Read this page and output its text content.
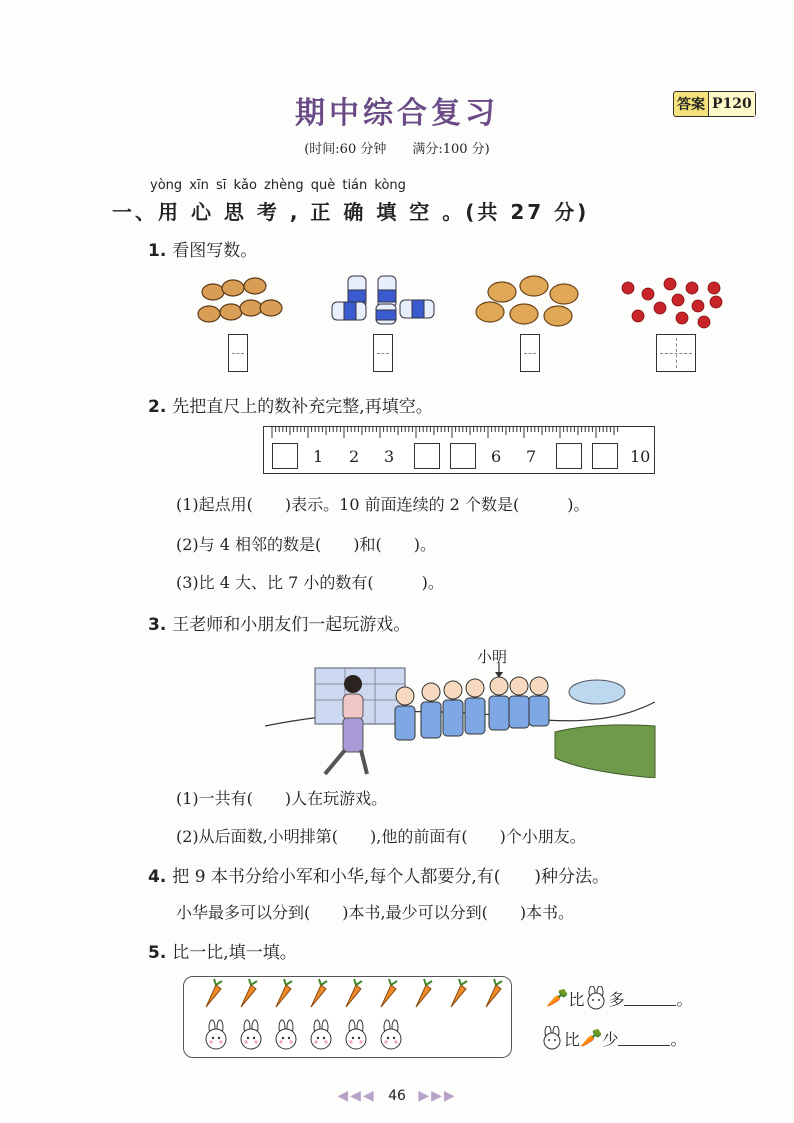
期中综合复习	答案 P120
(时间:60 分钟　　满分:100 分)
yòng xīn sī kǎo zhèng què tián kòng
一、用 心 思 考 , 正 确 填 空 。(共 27 分)
1. 看图写数。
2. 先把直尺上的数补充完整,再填空。
1 2 3	6 7	10
(1)起点用(　　)表示。10 前面连续的 2 个数是(　　　)。
(2)与 4 相邻的数是(　　)和(　　)。
(3)比 4 大、比 7 小的数有(　　　)。
3. 王老师和小朋友们一起玩游戏。
小明
(1)一共有(　　)人在玩游戏。
(2)从后面数,小明排第(　　),他的前面有(　　)个小朋友。
4. 把 9 本书分给小军和小华,每个人都要分,有(　　)种分法。
小华最多可以分到(　　)本书,最少可以分到(　　)本书。
5. 比一比,填一填。
🥕 比 多	。
比 🥕 少	。
◀◀◀ 46 ▶▶▶
